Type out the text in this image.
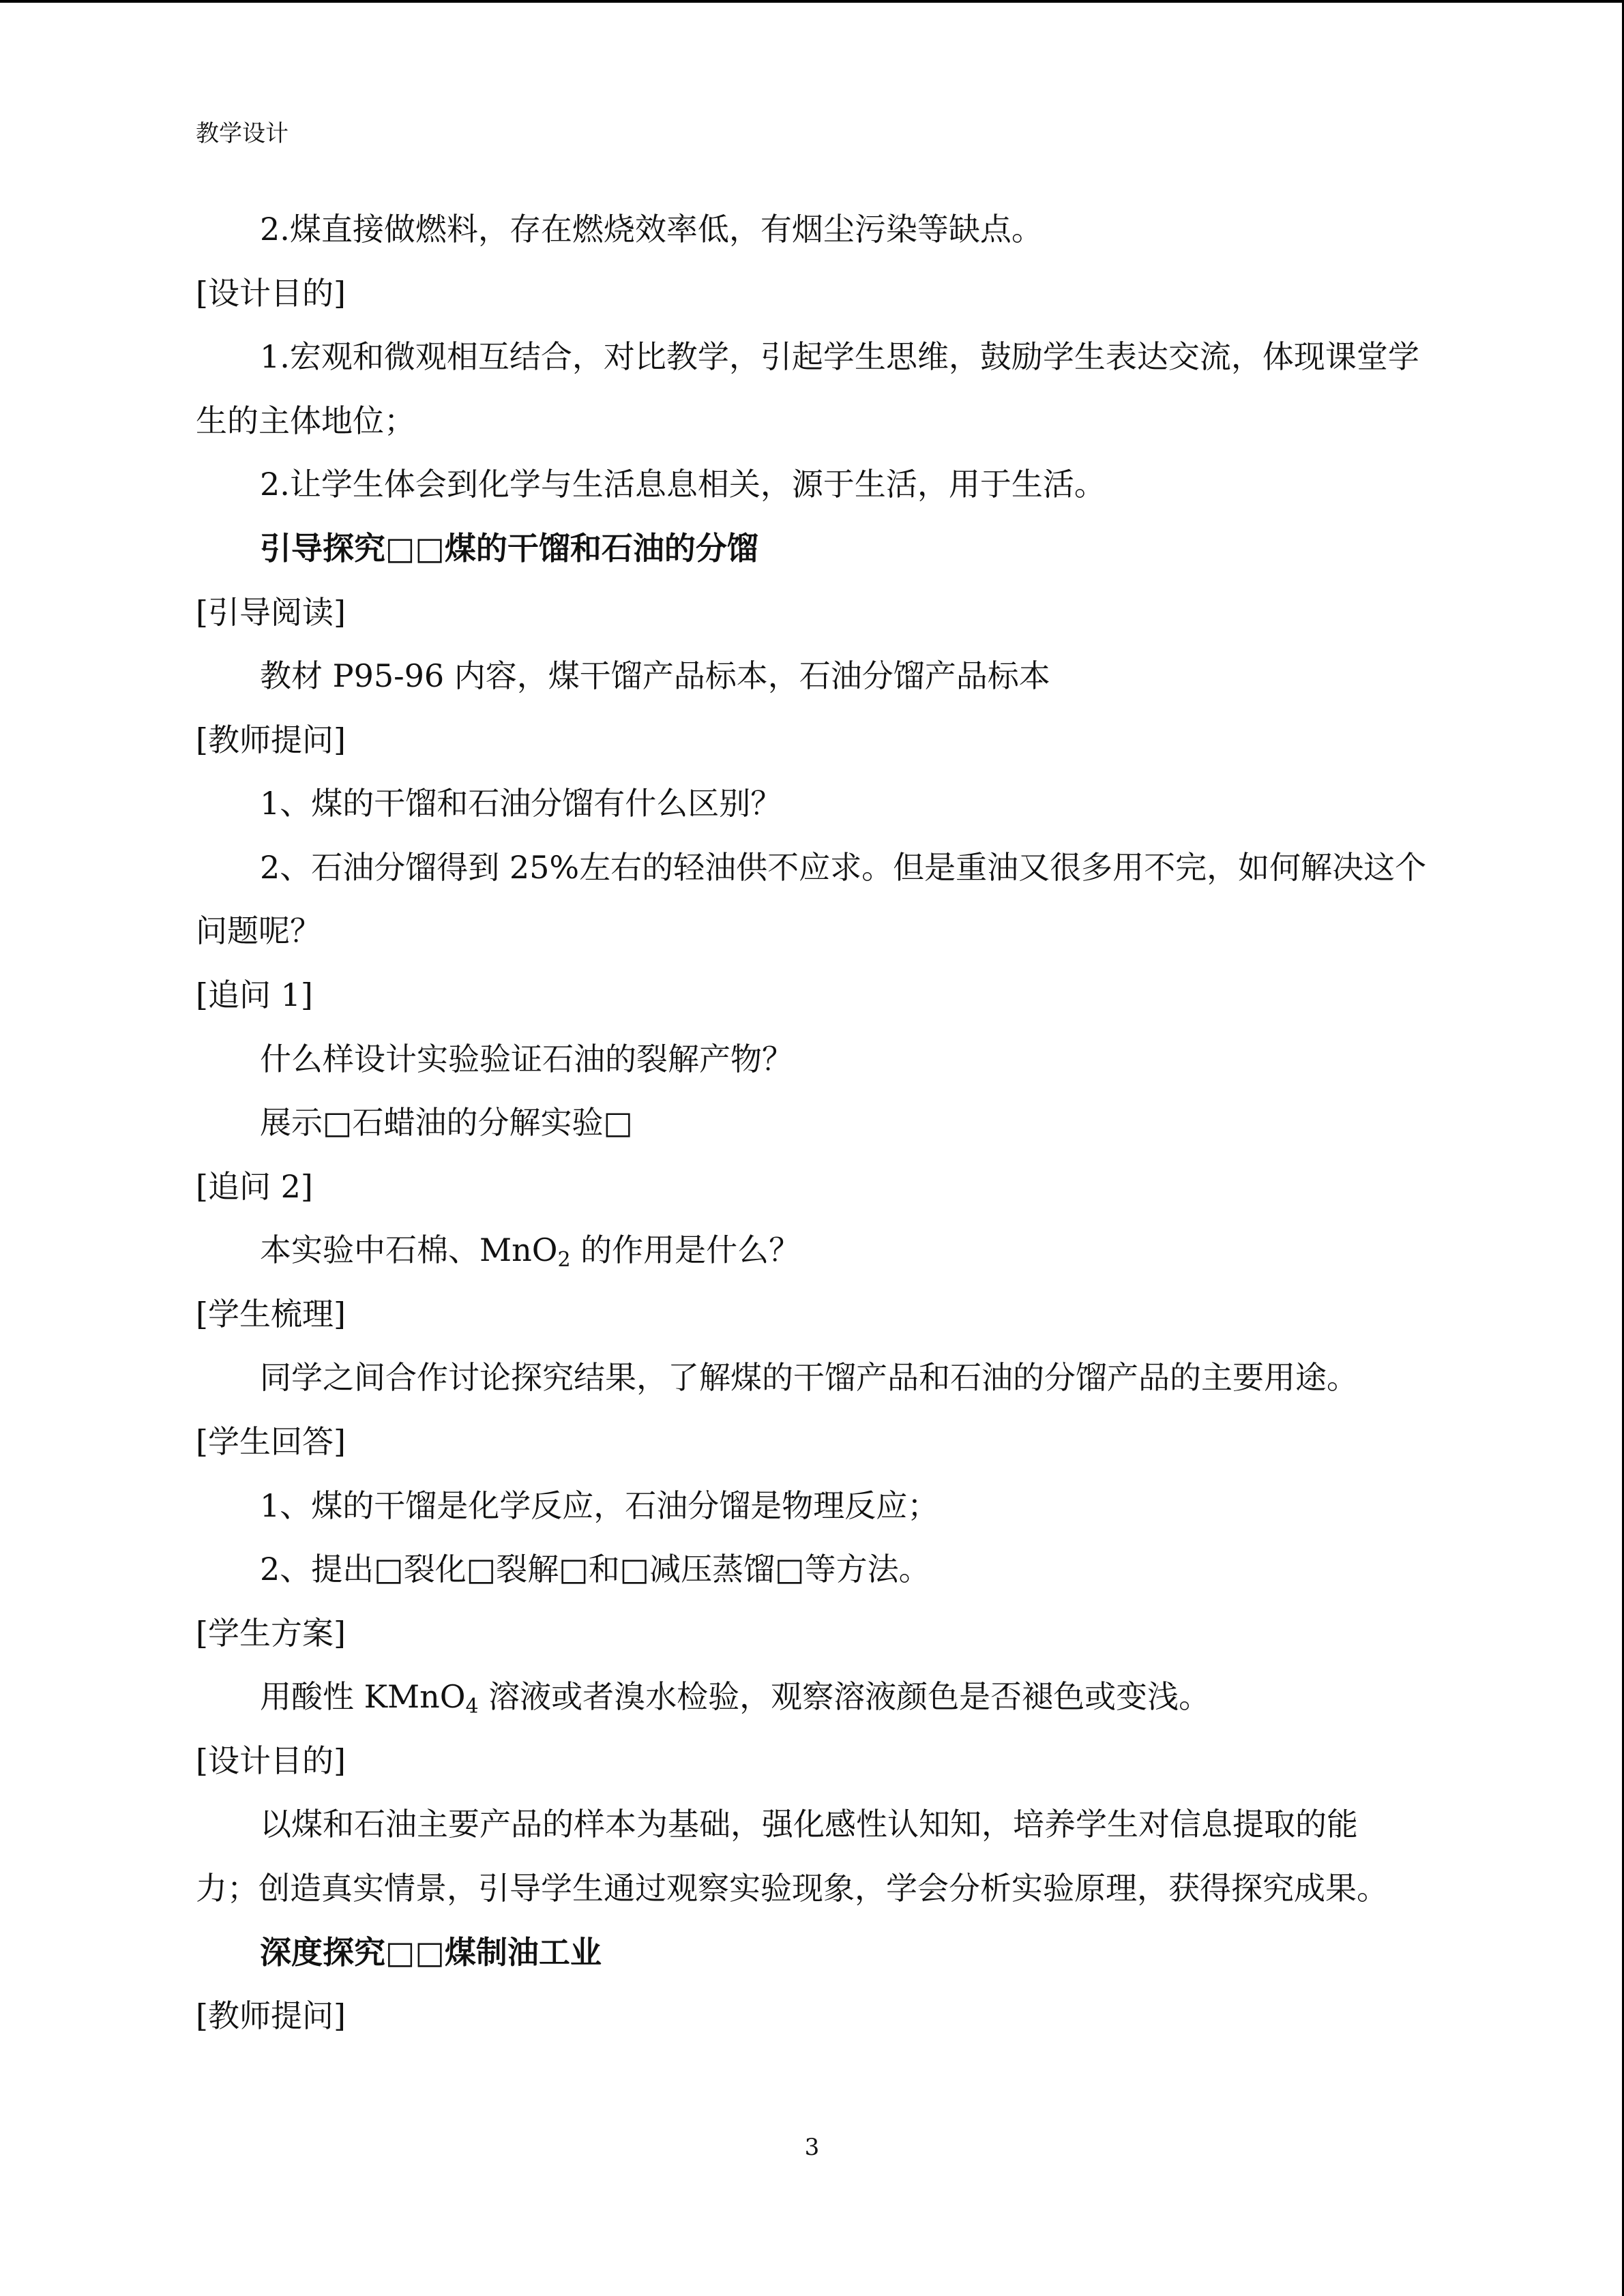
教学设计
2.煤直接做燃料，存在燃烧效率低，有烟尘污染等缺点。
[设计目的]
1.宏观和微观相互结合，对比教学，引起学生思维，鼓励学生表达交流，体现课堂学
生的主体地位；
2.让学生体会到化学与生活息息相关，源于生活，用于生活。
引导探究□□煤的干馏和石油的分馏
[引导阅读]
教材 P95-96 内容，煤干馏产品标本，石油分馏产品标本
[教师提问]
1、煤的干馏和石油分馏有什么区别？
2、石油分馏得到 25%左右的轻油供不应求。但是重油又很多用不完，如何解决这个
问题呢？
[追问 1]
什么样设计实验验证石油的裂解产物？
展示□石蜡油的分解实验□
[追问 2]
本实验中石棉、MnO$_2$ 的作用是什么？
[学生梳理]
同学之间合作讨论探究结果，了解煤的干馏产品和石油的分馏产品的主要用途。
[学生回答]
1、煤的干馏是化学反应，石油分馏是物理反应；
2、提出□裂化□裂解□和□减压蒸馏□等方法。
[学生方案]
用酸性 KMnO$_4$ 溶液或者溴水检验，观察溶液颜色是否褪色或变浅。
[设计目的]
以煤和石油主要产品的样本为基础，强化感性认知知，培养学生对信息提取的能
力；创造真实情景，引导学生通过观察实验现象，学会分析实验原理，获得探究成果。
深度探究□□煤制油工业
[教师提问]
3
